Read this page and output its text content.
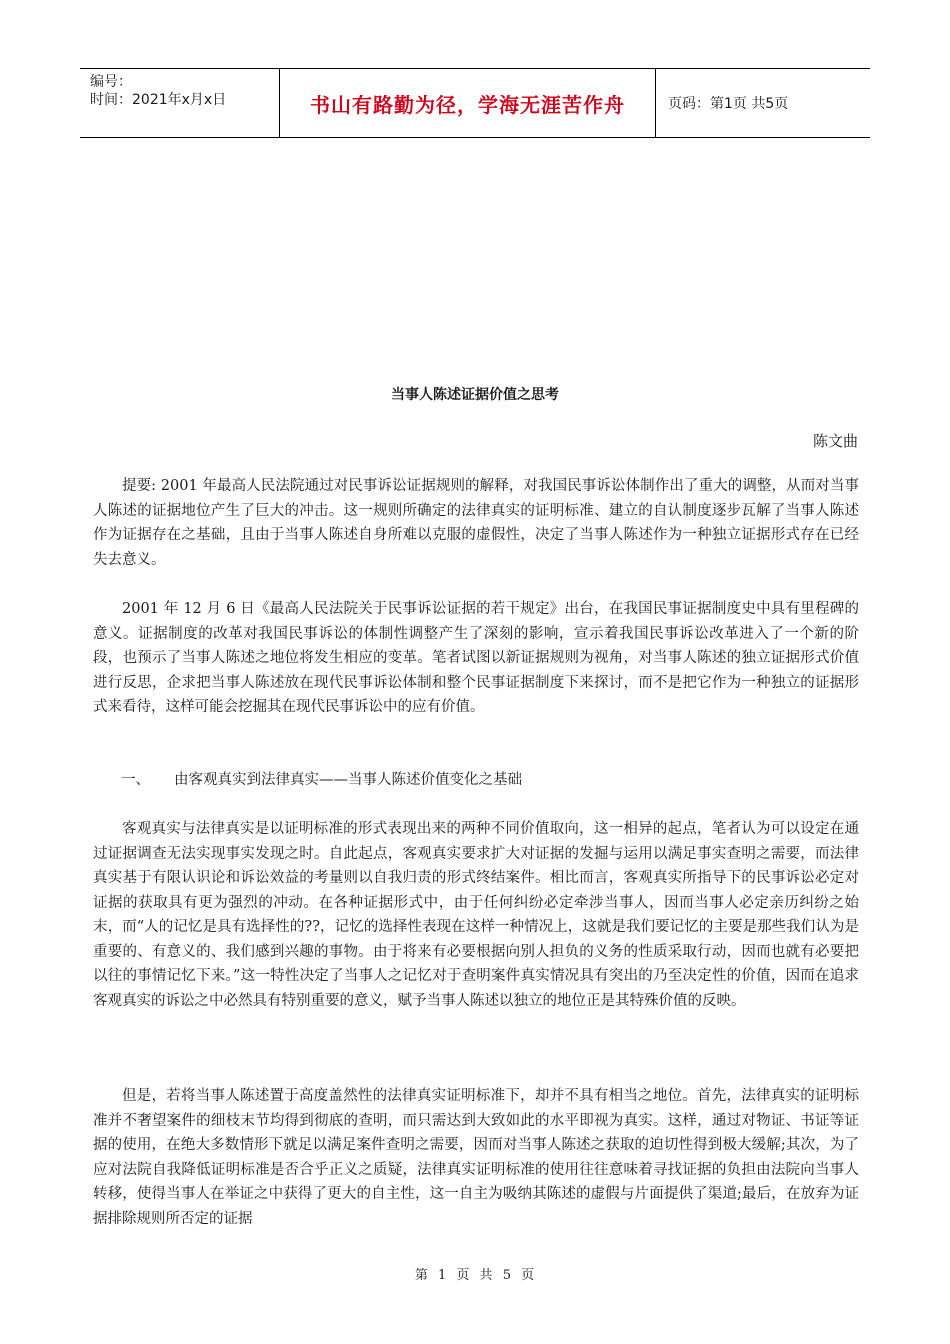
编号：
时间：2021年x月x日	书山有路勤为径，学海无涯苦作舟	页码：第1页 共5页
当事人陈述证据价值之思考
陈文曲

提要: 2001 年最高人民法院通过对民事诉讼证据规则的解释，对我国民事诉讼体制作出了重大的调整，从而对当事人陈述的证据地位产生了巨大的冲击。这一规则所确定的法律真实的证明标准、建立的自认制度逐步瓦解了当事人陈述作为证据存在之基础，且由于当事人陈述自身所难以克服的虚假性，决定了当事人陈述作为一种独立证据形式存在已经失去意义。

2001 年 12 月 6 日《最高人民法院关于民事诉讼证据的若干规定》出台，在我国民事证据制度史中具有里程碑的意义。证据制度的改革对我国民事诉讼的体制性调整产生了深刻的影响，宣示着我国民事诉讼改革进入了一个新的阶段，也预示了当事人陈述之地位将发生相应的变革。笔者试图以新证据规则为视角，对当事人陈述的独立证据形式价值进行反思，企求把当事人陈述放在现代民事诉讼体制和整个民事证据制度下来探讨，而不是把它作为一种独立的证据形式来看待，这样可能会挖掘其在现代民事诉讼中的应有价值。

一、 由客观真实到法律真实——当事人陈述价值变化之基础

客观真实与法律真实是以证明标准的形式表现出来的两种不同价值取向，这一相异的起点，笔者认为可以设定在通过证据调查无法实现事实发现之时。自此起点，客观真实要求扩大对证据的发掘与运用以满足事实查明之需要，而法律真实基于有限认识论和诉讼效益的考量则以自我归责的形式终结案件。相比而言，客观真实所指导下的民事诉讼必定对证据的获取具有更为强烈的冲动。在各种证据形式中，由于任何纠纷必定牵涉当事人，因而当事人必定亲历纠纷之始末，而“人的记忆是具有选择性的??，记忆的选择性表现在这样一种情况上，这就是我们要记忆的主要是那些我们认为是重要的、有意义的、我们感到兴趣的事物。由于将来有必要根据向别人担负的义务的性质采取行动，因而也就有必要把以往的事情记忆下来。”这一特性决定了当事人之记忆对于查明案件真实情况具有突出的乃至决定性的价值，因而在追求客观真实的诉讼之中必然具有特别重要的意义，赋予当事人陈述以独立的地位正是其特殊价值的反映。

但是，若将当事人陈述置于高度盖然性的法律真实证明标准下，却并不具有相当之地位。首先，法律真实的证明标准并不奢望案件的细枝末节均得到彻底的查明，而只需达到大致如此的水平即视为真实。这样，通过对物证、书证等证据的使用，在绝大多数情形下就足以满足案件查明之需要，因而对当事人陈述之获取的迫切性得到极大缓解;其次，为了应对法院自我降低证明标准是否合乎正义之质疑，法律真实证明标准的使用往往意味着寻找证据的负担由法院向当事人转移，使得当事人在举证之中获得了更大的自主性，这一自主为吸纳其陈述的虚假与片面提供了渠道;最后，在放弃为证据排除规则所否定的证据

第 1 页 共 5 页
